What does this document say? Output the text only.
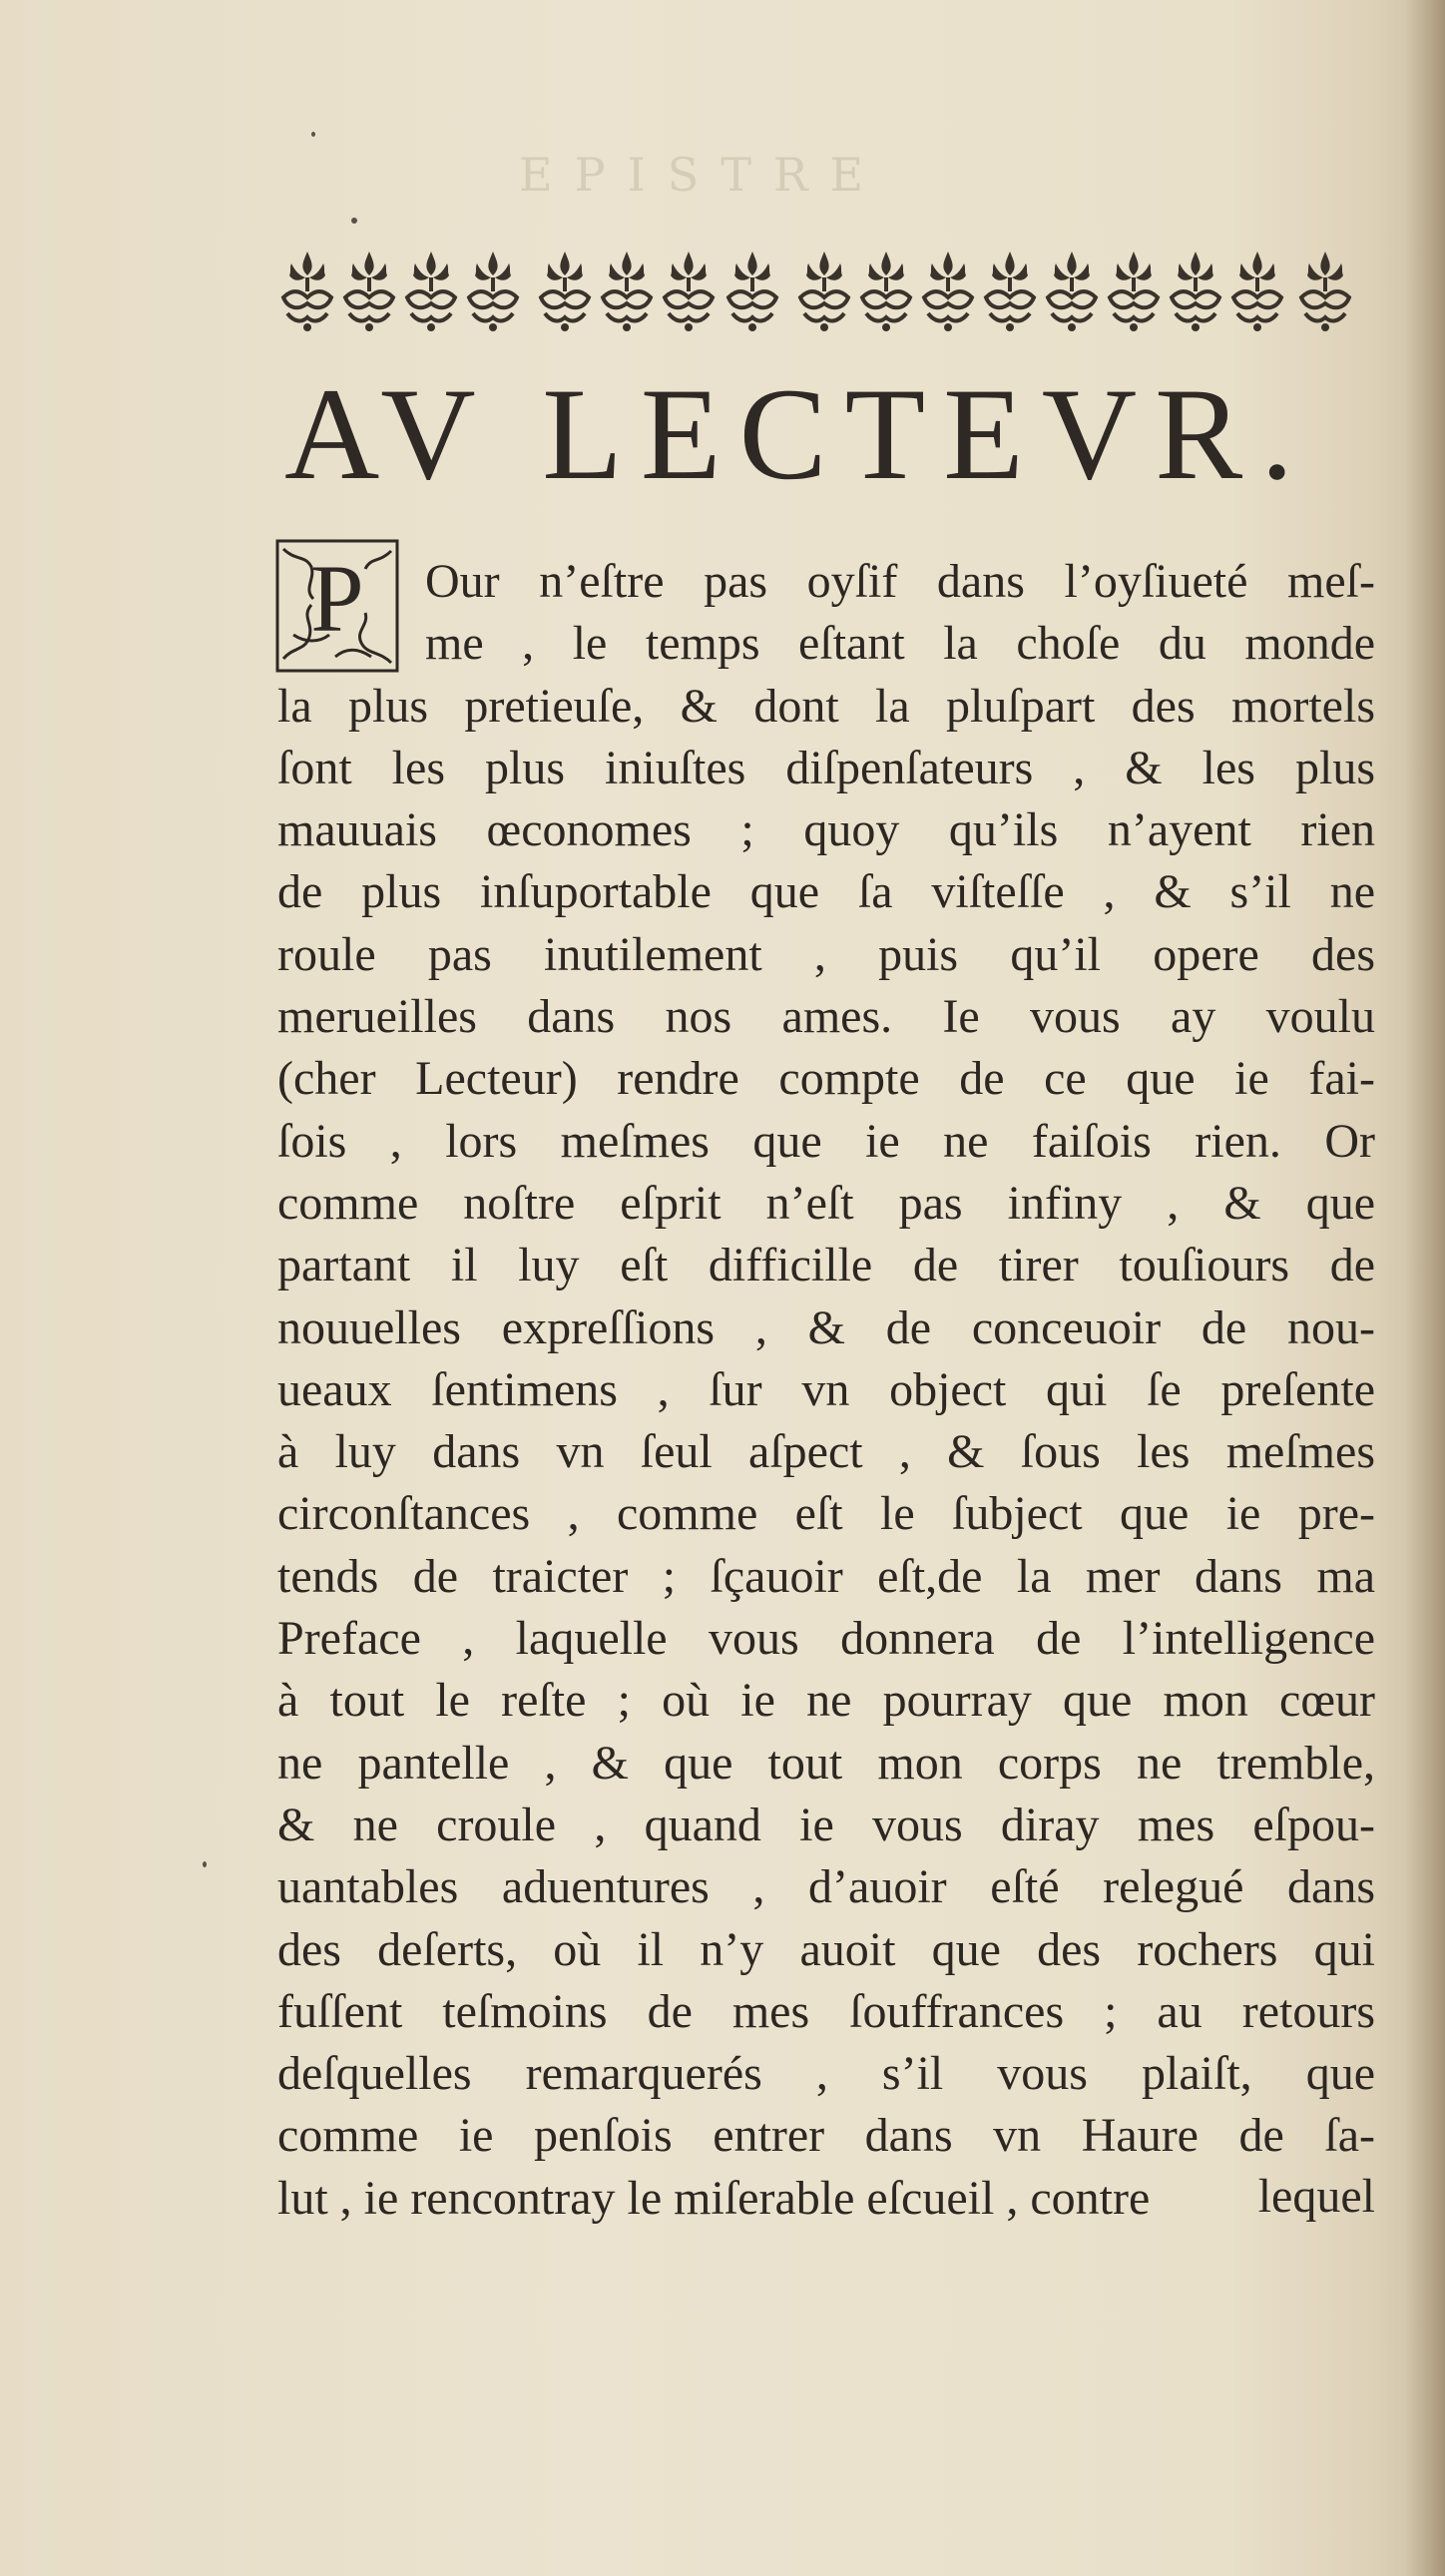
EPISTRE
AV LECTEVR.
P	Our n’eſtre pas oyſif dans l’oyſiueté meſ-
me , le temps eſtant la choſe du monde
la plus pretieuſe, & dont la pluſpart des mortels
ſont les plus iniuſtes diſpenſateurs , & les plus
mauuais œconomes ; quoy qu’ils n’ayent rien
de plus inſuportable que ſa viſteſſe , & s’il ne
roule pas inutilement , puis qu’il opere des
merueilles dans nos ames. Ie vous ay voulu
(cher Lecteur) rendre compte de ce que ie fai-
ſois , lors meſmes que ie ne faiſois rien. Or
comme noſtre eſprit n’eſt pas infiny , & que
partant il luy eſt difficille de tirer touſiours de
nouuelles expreſſions , & de conceuoir de nou-
ueaux ſentimens , ſur vn object qui ſe preſente
à luy dans vn ſeul aſpect , & ſous les meſmes
circonſtances , comme eſt le ſubject que ie pre-
tends de traicter ; ſçauoir eſt,de la mer dans ma
Preface , laquelle vous donnera de l’intelligence
à tout le reſte ; où ie ne pourray que mon cœur
ne pantelle , & que tout mon corps ne tremble,
& ne croule , quand ie vous diray mes eſpou-
uantables aduentures , d’auoir eſté relegué dans
des deſerts, où il n’y auoit que des rochers qui
fuſſent teſmoins de mes ſouffrances ; au retours
deſquelles remarquerés , s’il vous plaiſt, que
comme ie penſois entrer dans vn Haure de ſa-
lut , ie rencontray le miſerable eſcueil , contre	lequel
